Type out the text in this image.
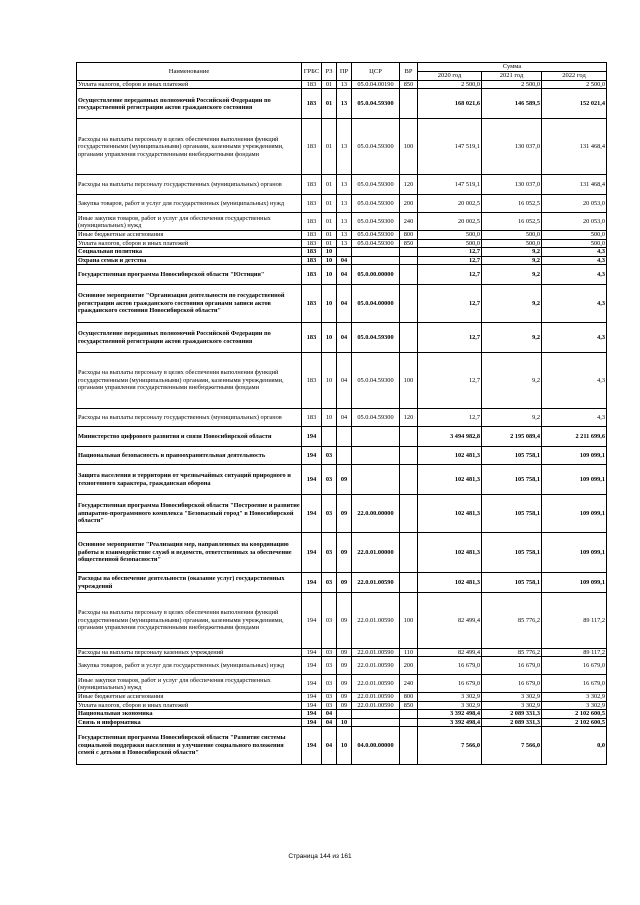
Наименование	ГРБС	РЗ	ПР	ЦСР	ВР	Сумма		
						2020 год	2021 год	2022 год
Уплата налогов, сборов и иных платежей	183	01	13	05.0.04.00190	850	2 500,0	2 500,0	2 500,0
Осуществление переданных полномочий Российской Федерации по государственной регистрации актов гражданского состояния	183	01	13	05.0.04.59300		168 021,6	146 589,5	152 021,4
Расходы на выплаты персоналу в целях обеспечения выполнения функций государственными (муниципальными) органами, казенными учреждениями, органами управления государственными внебюджетными фондами	183	01	13	05.0.04.59300	100	147 519,1	130 037,0	131 468,4
Расходы на выплаты персоналу государственных (муниципальных) органов	183	01	13	05.0.04.59300	120	147 519,1	130 037,0	131 468,4
Закупка товаров, работ и услуг для государственных (муниципальных) нужд	183	01	13	05.0.04.59300	200	20 002,5	16 052,5	20 053,0
Иные закупки товаров, работ и услуг для обеспечения государственных (муниципальных) нужд	183	01	13	05.0.04.59300	240	20 002,5	16 052,5	20 053,0
Иные бюджетные ассигнования	183	01	13	05.0.04.59300	800	500,0	500,0	500,0
Уплата налогов, сборов и иных платежей	183	01	13	05.0.04.59300	850	500,0	500,0	500,0
Социальная политика	183	10				12,7	9,2	4,3
Охрана семьи и детства	183	10	04			12,7	9,2	4,3
Государственная программа Новосибирской области "Юстиция"	183	10	04	05.0.00.00000		12,7	9,2	4,3
Основное мероприятие "Организация деятельности по государственной регистрации актов гражданского состояния органами записи актов гражданского состояния Новосибирской области"	183	10	04	05.0.04.00000		12,7	9,2	4,3
Осуществление переданных полномочий Российской Федерации по государственной регистрации актов гражданского состояния	183	10	04	05.0.04.59300		12,7	9,2	4,3
Расходы на выплаты персоналу в целях обеспечения выполнения функций государственными (муниципальными) органами, казенными учреждениями, органами управления государственными внебюджетными фондами	183	10	04	05.0.04.59300	100	12,7	9,2	4,3
Расходы на выплаты персоналу государственных (муниципальных) органов	183	10	04	05.0.04.59300	120	12,7	9,2	4,3
Министерство цифрового развития и связи Новосибирской области	194					3 494 982,8	2 195 089,4	2 211 699,6
Национальная безопасность и правоохранительная деятельность	194	03				102 481,3	105 758,1	109 099,1
Защита населения и территории от чрезвычайных ситуаций природного и техногенного характера, гражданская оборона	194	03	09			102 481,3	105 758,1	109 099,1
Государственная программа Новосибирской области "Построение и развитие аппаратно-программного комплекса "Безопасный город" в Новосибирской области"	194	03	09	22.0.00.00000		102 481,3	105 758,1	109 099,1
Основное мероприятие "Реализация мер, направленных на координацию работы и взаимодействие служб и ведомств, ответственных за обеспечение общественной безопасности"	194	03	09	22.0.01.00000		102 481,3	105 758,1	109 099,1
Расходы на обеспечение деятельности (оказание услуг) государственных учреждений	194	03	09	22.0.01.00590		102 481,3	105 758,1	109 099,1
Расходы на выплаты персоналу в целях обеспечения выполнения функций государственными (муниципальными) органами, казенными учреждениями, органами управления государственными внебюджетными фондами	194	03	09	22.0.01.00590	100	82 499,4	85 776,2	89 117,2
Расходы на выплаты персоналу казенных учреждений	194	03	09	22.0.01.00590	110	82 499,4	85 776,2	89 117,2
Закупка товаров, работ и услуг для государственных (муниципальных) нужд	194	03	09	22.0.01.00590	200	16 679,0	16 679,0	16 679,0
Иные закупки товаров, работ и услуг для обеспечения государственных (муниципальных) нужд	194	03	09	22.0.01.00590	240	16 679,0	16 679,0	16 679,0
Иные бюджетные ассигнования	194	03	09	22.0.01.00590	800	3 302,9	3 302,9	3 302,9
Уплата налогов, сборов и иных платежей	194	03	09	22.0.01.00590	850	3 302,9	3 302,9	3 302,9
Национальная экономика	194	04				3 392 498,4	2 089 331,3	2 102 600,5
Связь и информатика	194	04	10			3 392 498,4	2 089 331,3	2 102 600,5
Государственная программа Новосибирской области "Развитие системы социальной поддержки населения и улучшение социального положения семей с детьми в Новосибирской области"	194	04	10	04.0.00.00000		7 566,0	7 566,0	0,0
Страница 144 из 161
